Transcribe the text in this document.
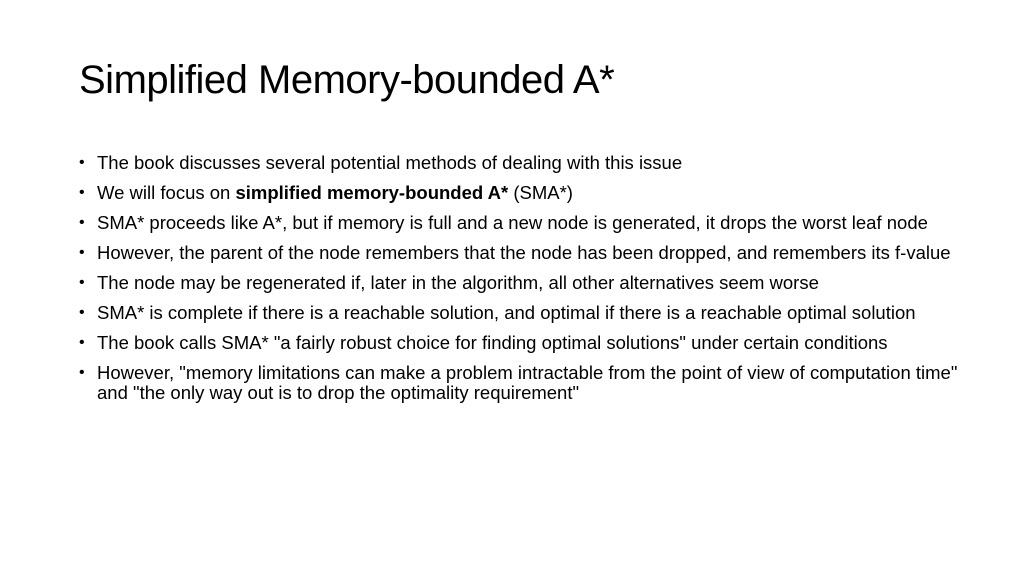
Simplified Memory-bounded A*
• The book discusses several potential methods of dealing with this issue
• We will focus on simplified memory-bounded A* (SMA*)
• SMA* proceeds like A*, but if memory is full and a new node is generated, it drops the worst leaf node
• However, the parent of the node remembers that the node has been dropped, and remembers its f-value
• The node may be regenerated if, later in the algorithm, all other alternatives seem worse
• SMA* is complete if there is a reachable solution, and optimal if there is a reachable optimal solution
• The book calls SMA* "a fairly robust choice for finding optimal solutions" under certain conditions
• However, "memory limitations can make a problem intractable from the point of view of computation time" and "the only way out is to drop the optimality requirement"
